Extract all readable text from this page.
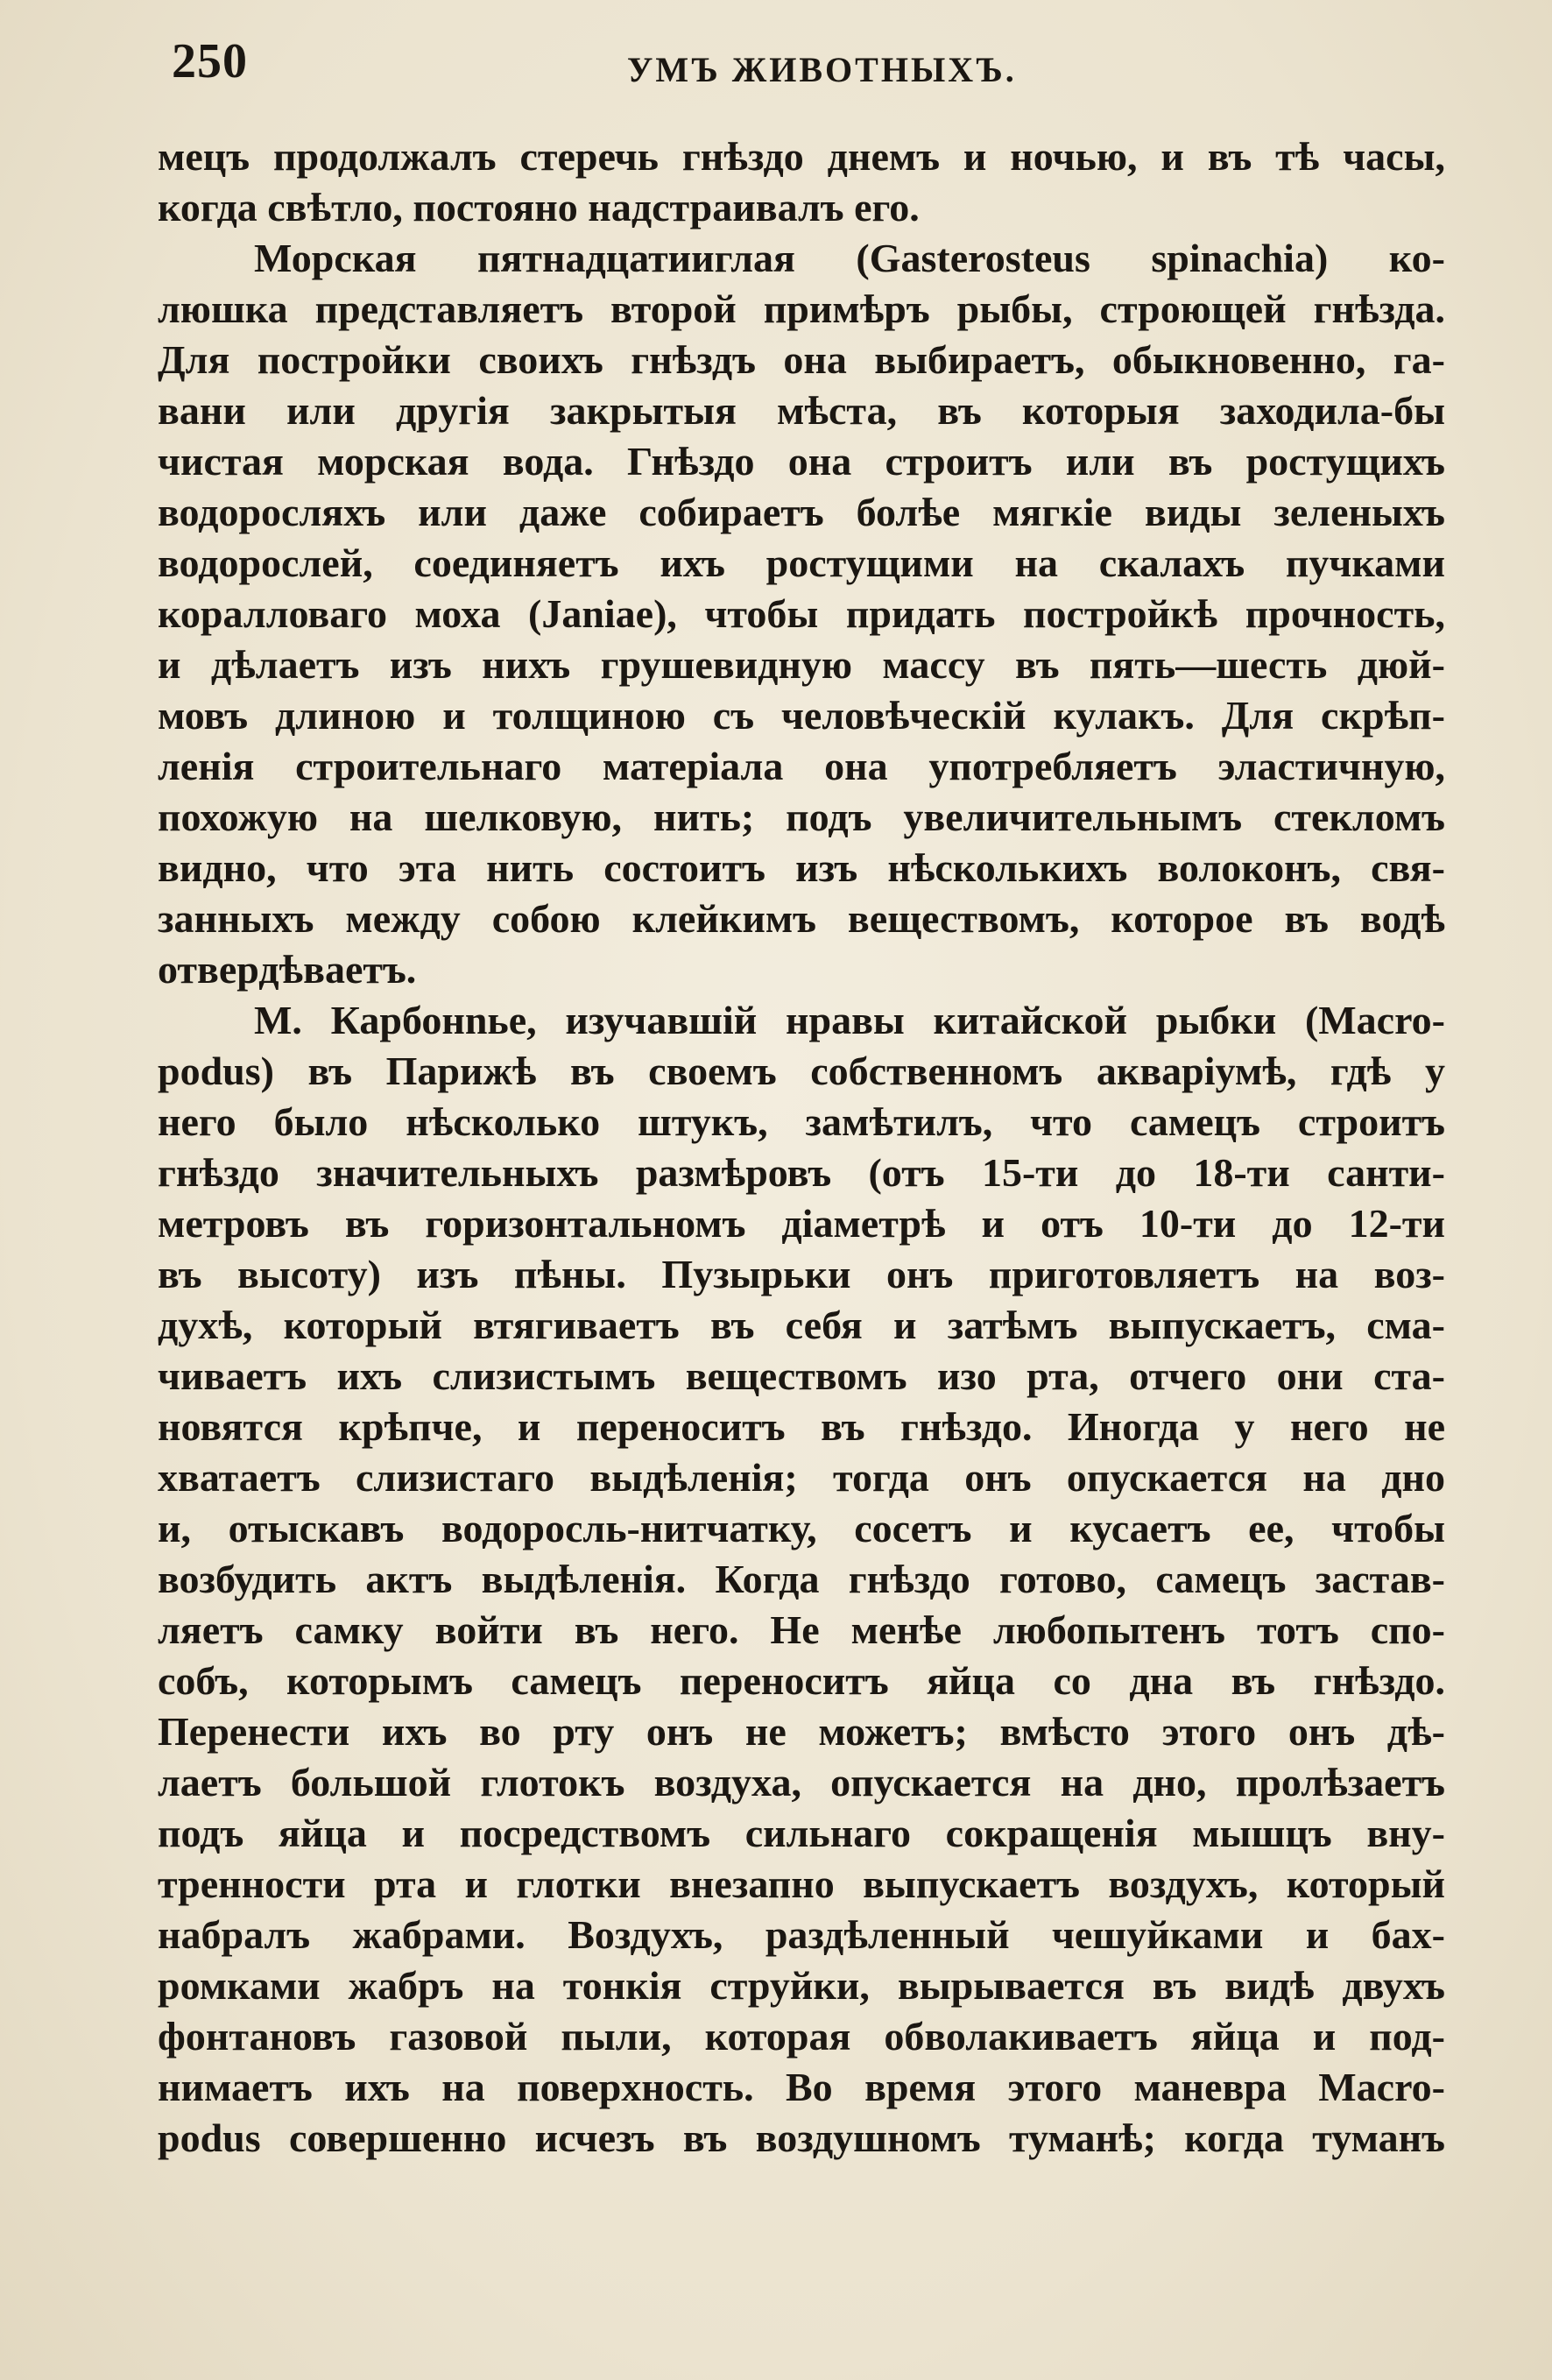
250	УМЪ ЖИВОТНЫХЪ.
мецъ продолжалъ стеречь гнѣздо днемъ и ночью, и въ тѣ часы,
когда свѣтло, постояно надстраивалъ его.
Морская пятнадцатииглая (Gasterosteus spinachia) ко-
люшка представляетъ второй примѣръ рыбы, строющей гнѣзда.
Для постройки своихъ гнѣздъ она выбираетъ, обыкновенно, га-
вани или другія закрытыя мѣста, въ которыя заходила-бы
чистая морская вода. Гнѣздо она строитъ или въ ростущихъ
водоросляхъ или даже собираетъ болѣе мягкіе виды зеленыхъ
водорослей, соединяетъ ихъ ростущими на скалахъ пучками
коралловаго моха (Janiae), чтобы придать постройкѣ прочность,
и дѣлаетъ изъ нихъ грушевидную массу въ пять—шесть дюй-
мовъ длиною и толщиною съ человѣческій кулакъ. Для скрѣп-
ленія строительнаго матеріала она употребляетъ эластичную,
похожую на шелковую, нить; подъ увеличительнымъ стекломъ
видно, что эта нить состоитъ изъ нѣсколькихъ волоконъ, свя-
занныхъ между собою клейкимъ веществомъ, которое въ водѣ
отвердѣваетъ.
М. Карбонnье, изучавшій нравы китайской рыбки (Macro-
podus) въ Парижѣ въ своемъ собственномъ акваріумѣ, гдѣ у
него было нѣсколько штукъ, замѣтилъ, что самецъ строитъ
гнѣздо значительныхъ размѣровъ (отъ 15-ти до 18-ти санти-
метровъ въ горизонтальномъ діаметрѣ и отъ 10-ти до 12-ти
въ высоту) изъ пѣны. Пузырьки онъ приготовляетъ на воз-
духѣ, который втягиваетъ въ себя и затѣмъ выпускаетъ, сма-
чиваетъ ихъ слизистымъ веществомъ изо рта, отчего они ста-
новятся крѣпче, и переноситъ въ гнѣздо. Иногда у него не
хватаетъ слизистаго выдѣленія; тогда онъ опускается на дно
и, отыскавъ водоросль-нитчатку, сосетъ и кусаетъ ее, чтобы
возбудить актъ выдѣленія. Когда гнѣздо готово, самецъ застав-
ляетъ самку войти въ него. Не менѣе любопытенъ тотъ спо-
собъ, которымъ самецъ переноситъ яйца со дна въ гнѣздо.
Перенести ихъ во рту онъ не можетъ; вмѣсто этого онъ дѣ-
лаетъ большой глотокъ воздуха, опускается на дно, пролѣзаетъ
подъ яйца и посредствомъ сильнаго сокращенія мышцъ вну-
тренности рта и глотки внезапно выпускаетъ воздухъ, который
набралъ жабрами. Воздухъ, раздѣленный чешуйками и бах-
ромками жабръ на тонкія струйки, вырывается въ видѣ двухъ
фонтановъ газовой пыли, которая обволакиваетъ яйца и под-
нимаетъ ихъ на поверхность. Во время этого маневра Macro-
podus совершенно исчезъ въ воздушномъ туманѣ; когда туманъ
